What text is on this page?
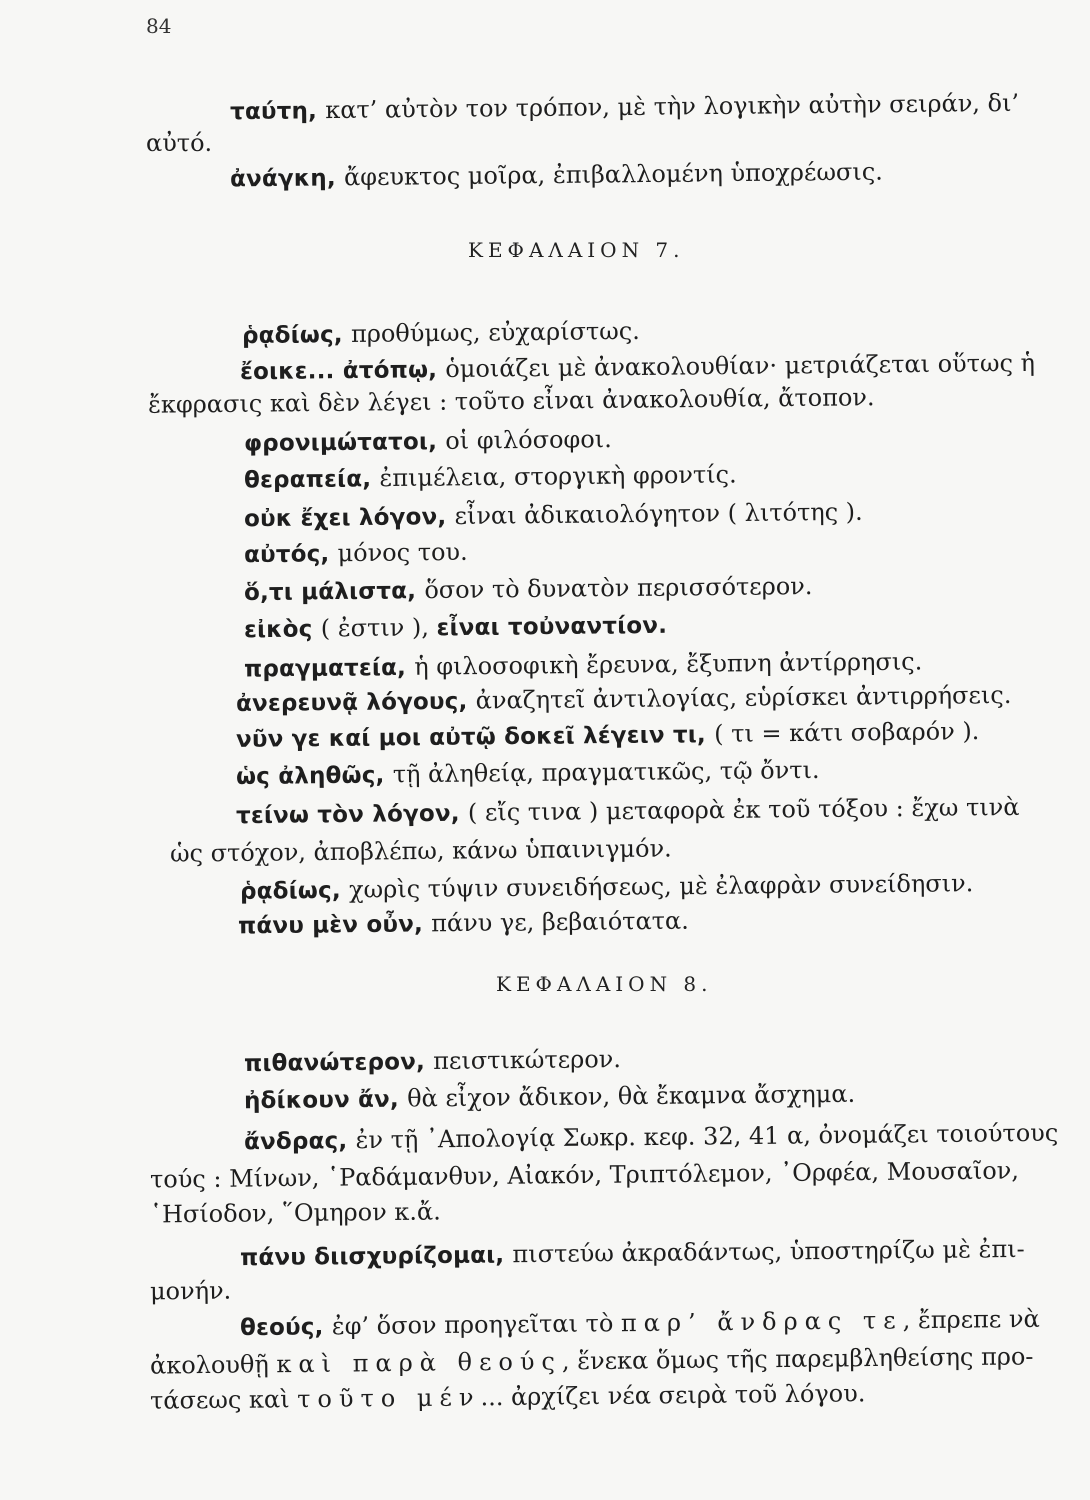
84
ταύτη, κατ’ αὐτὸν τον τρόπον, μὲ τὴν λογικὴν αὐτὴν σειράν, δι’
αὐτό.
ἀνάγκη, ἄφευκτος μοῖρα, ἐπιβαλλομένη ὑποχρέωσις.
ΚΕΦΑΛΑΙΟΝ 7.
ῥᾳδίως, προθύμως, εὐχαρίστως.
ἔοικε... ἀτόπῳ, ὁμοιάζει μὲ ἀνακολουθίαν· μετριάζεται οὕτως ἡ
ἔκφρασις καὶ δὲν λέγει : τοῦτο εἶναι ἀνακολουθία, ἄτοπον.
φρονιμώτατοι, οἱ φιλόσοφοι.
θεραπεία, ἐπιμέλεια, στοργικὴ φροντίς.
οὐκ ἔχει λόγον, εἶναι ἀδικαιολόγητον ( λιτότης ).
αὐτός, μόνος του.
ὅ,τι μάλιστα, ὅσον τὸ δυνατὸν περισσότερον.
εἰκὸς ( ἐστιν ), εἶναι τοὐναντίον.
πραγματεία, ἡ φιλοσοφικὴ ἔρευνα, ἔξυπνη ἀντίρρησις.
ἀνερευνᾷ λόγους, ἀναζητεῖ ἀντιλογίας, εὑρίσκει ἀντιρρήσεις.
νῦν γε καί μοι αὐτῷ δοκεῖ λέγειν τι, ( τι = κάτι σοβαρόν ).
ὡς ἀληθῶς, τῇ ἀληθείᾳ, πραγματικῶς, τῷ ὄντι.
τείνω τὸν λόγον, ( εἴς τινα ) μεταφορὰ ἐκ τοῦ τόξου : ἔχω τινὰ
ὡς στόχον, ἀποβλέπω, κάνω ὑπαινιγμόν.
ῥᾳδίως, χωρὶς τύψιν συνειδήσεως, μὲ ἐλαφρὰν συνείδησιν.
πάνυ μὲν οὖν, πάνυ γε, βεβαιότατα.
ΚΕΦΑΛΑΙΟΝ 8.
πιθανώτερον, πειστικώτερον.
ἠδίκουν ἄν, θὰ εἶχον ἄδικον, θὰ ἔκαμνα ἄσχημα.
ἄνδρας, ἐν τῇ ᾿Απολογίᾳ Σωκρ. κεφ. 32, 41 α, ὀνομάζει τοιούτους
τούς : Μίνων, ῾Ραδάμανθυν, Αἰακόν, Τριπτόλεμον, ᾿Ορφέα, Μουσαῖον,
῾Ησίοδον, ῞Ομηρον κ.ἄ.
πάνυ διισχυρίζομαι, πιστεύω ἀκραδάντως, ὑποστηρίζω μὲ ἐπι-
μονήν.
θεούς, ἐφ’ ὅσον προηγεῖται τὸ παρ’ ἄνδρας τε, ἔπρεπε νὰ
ἀκολουθῇ καὶ παρὰ θεούς, ἕνεκα ὅμως τῆς παρεμβληθείσης προ-
τάσεως καὶ τοῦτο μέν... ἀρχίζει νέα σειρὰ τοῦ λόγου.
